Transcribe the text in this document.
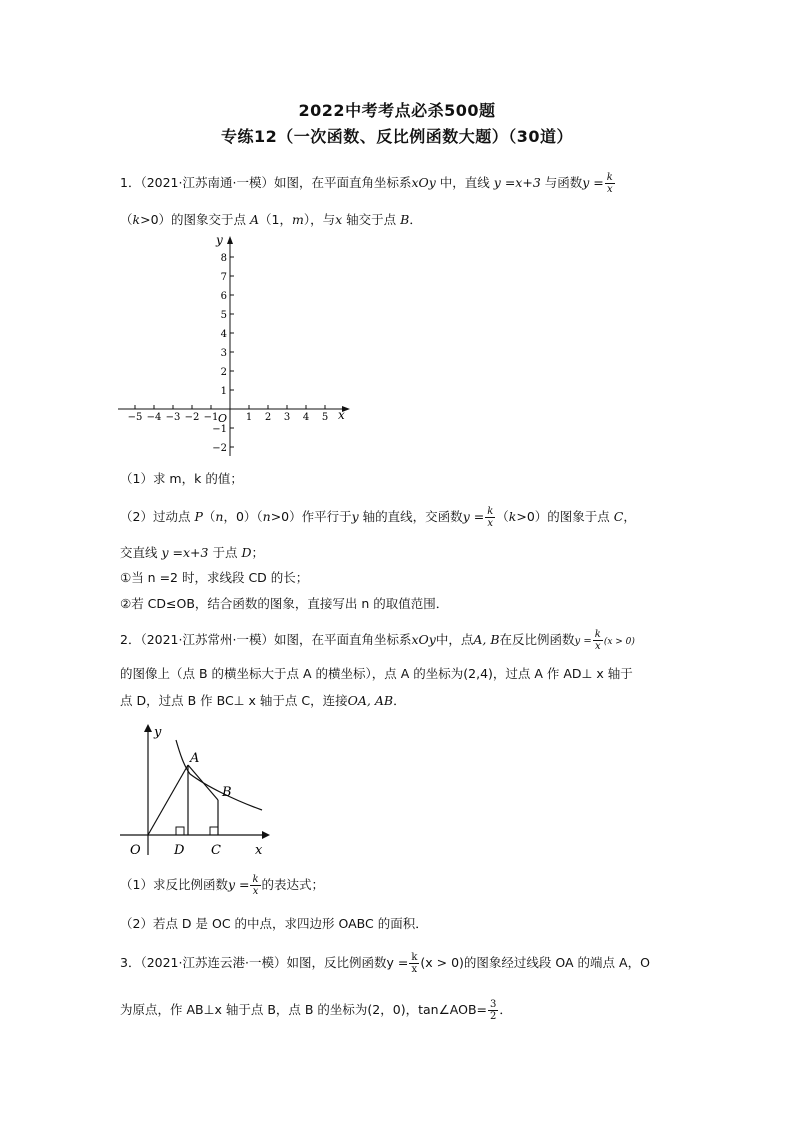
2022中考考点必杀500题
专练12（一次函数、反比例函数大题）（30道）
1．（2021·江苏南通·一模）如图，在平面直角坐标系xOy 中，直线 y =x+3 与函数$y = \frac{k}{x}$
（k>0）的图象交于点 A（1，m），与x 轴交于点 B．
−5 −4 −3 −2 −1	1 2 3 4 5
8
7
6
5
4
3
2
1
−1
−2
x
y
O
（1）求 m，k 的值；
（2）过动点 P（n，0）（n>0）作平行于y 轴的直线，交函数$y = \frac{k}{x} (k>0)$的图象于点 C，
交直线 y =x+3 于点 D；
①当 n =2 时，求线段 CD 的长；
②若 CD≤OB，结合函数的图象，直接写出 n 的取值范围．
2．（2021·江苏常州·一模）如图，在平面直角坐标系xOy中，点A, B在反比例函数$y = \frac{k}{x} (x > 0)$
的图像上（点 B 的横坐标大于点 A 的横坐标），点 A 的坐标为(2,4)，过点 A 作 AD⊥ x 轴于
点 D，过点 B 作 BC⊥ x 轴于点 C，连接OA, AB．
y
x
O
A
B
D C
（1）求反比例函数$y = \frac{k}{x}$ 的表达式；
（2）若点 D 是 OC 的中点，求四边形 OABC 的面积．
3．（2021·江苏连云港·一模）如图，反比例函数$y = \frac{k}{x} (x > 0)$的图象经过线段 OA 的端点 A，O
为原点，作 AB⊥x 轴于点 B，点 B 的坐标为(2，0)，tan∠AOB= $\frac{3}{2}$ ．
